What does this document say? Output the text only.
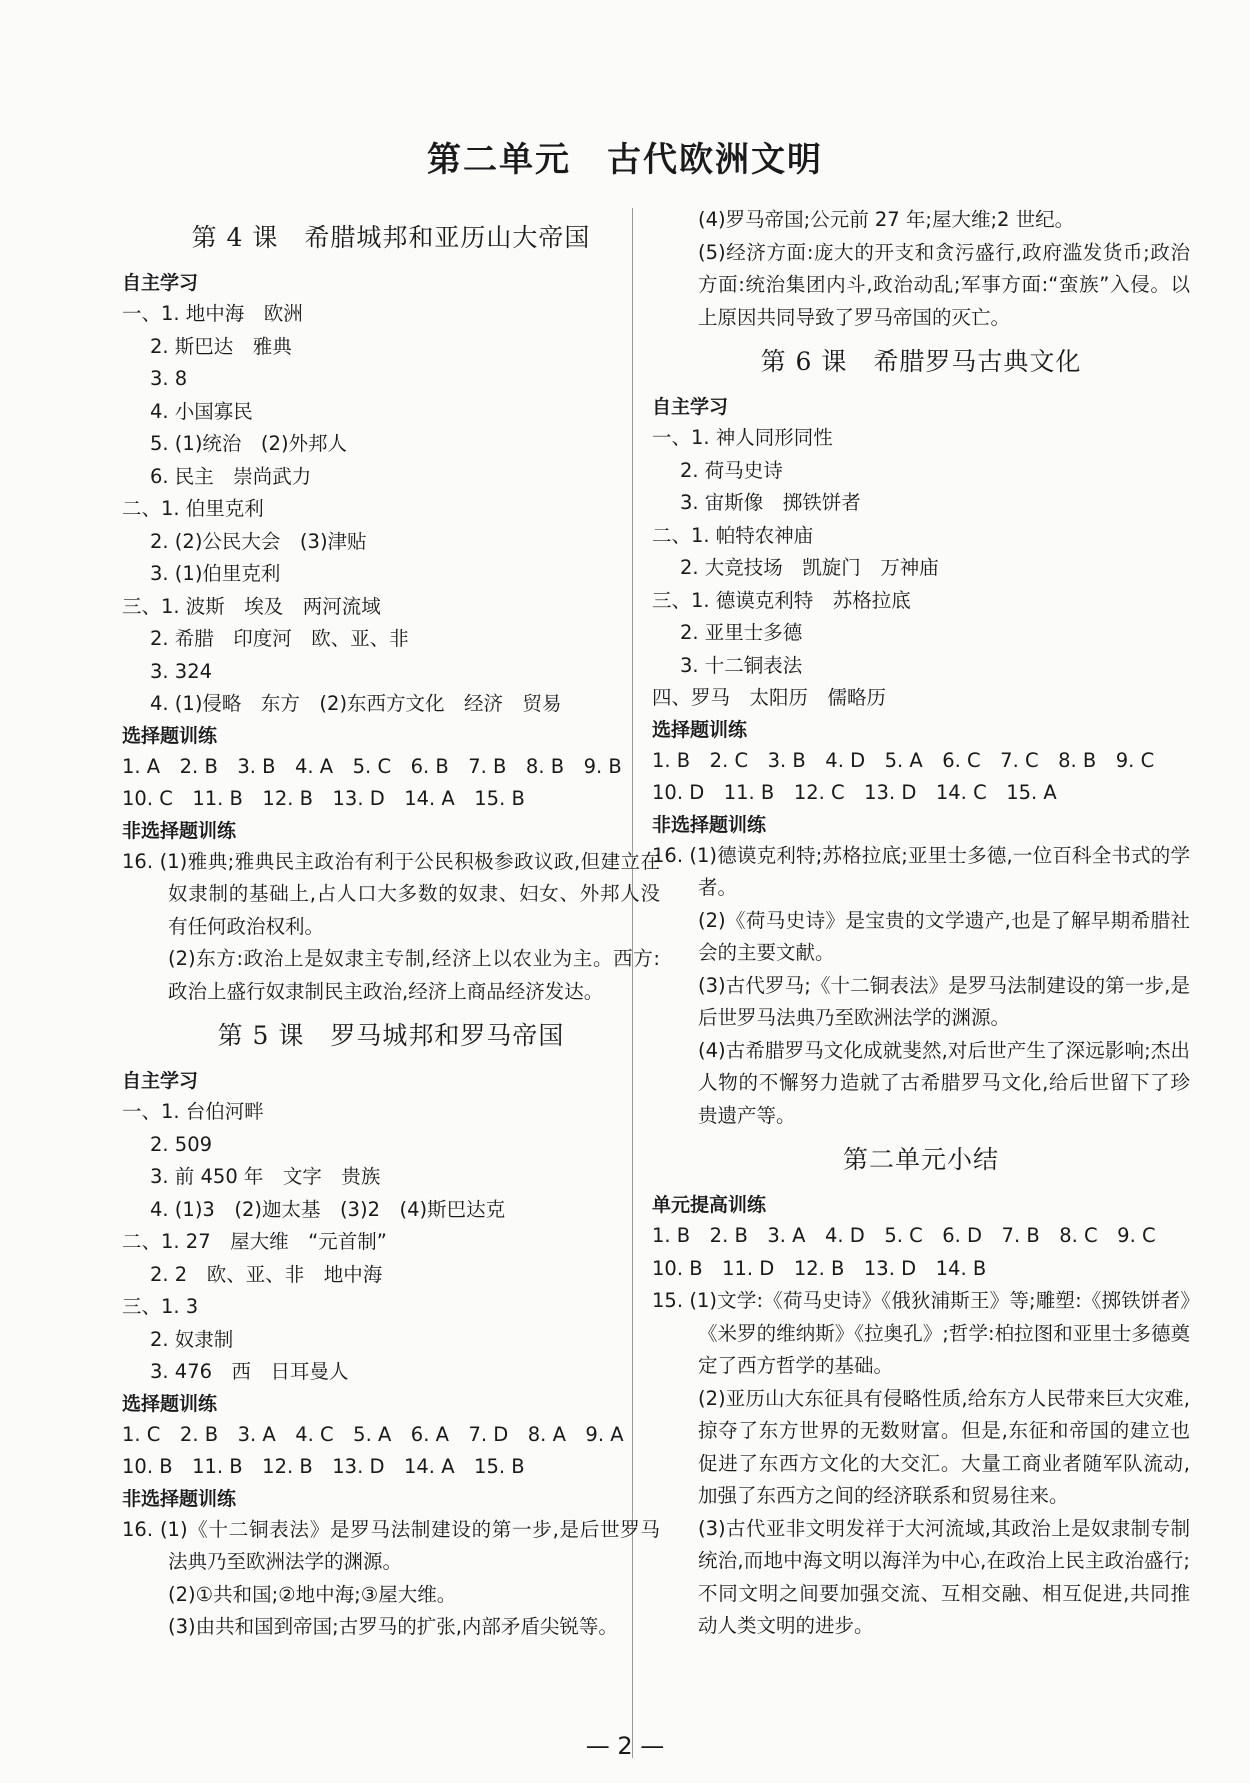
第二单元　古代欧洲文明
第 4 课　希腊城邦和亚历山大帝国
自主学习
一、1. 地中海　欧洲
2. 斯巴达　雅典
3. 8
4. 小国寡民
5. (1)统治　(2)外邦人
6. 民主　崇尚武力
二、1. 伯里克利
2. (2)公民大会　(3)津贴
3. (1)伯里克利
三、1. 波斯　埃及　两河流域
2. 希腊　印度河　欧、亚、非
3. 324
4. (1)侵略　东方　(2)东西方文化　经济　贸易
选择题训练
1. A　2. B　3. B　4. A　5. C　6. B　7. B　8. B　9. B
10. C　11. B　12. B　13. D　14. A　15. B
非选择题训练
16. (1)雅典;雅典民主政治有利于公民积极参政议政,但建立在奴隶制的基础上,占人口大多数的奴隶、妇女、外邦人没有任何政治权利。
(2)东方:政治上是奴隶主专制,经济上以农业为主。西方:政治上盛行奴隶制民主政治,经济上商品经济发达。
第 5 课　罗马城邦和罗马帝国
自主学习
一、1. 台伯河畔
2. 509
3. 前 450 年　文字　贵族
4. (1)3　(2)迦太基　(3)2　(4)斯巴达克
二、1. 27　屋大维　“元首制”
2. 2　欧、亚、非　地中海
三、1. 3
2. 奴隶制
3. 476　西　日耳曼人
选择题训练
1. C　2. B　3. A　4. C　5. A　6. A　7. D　8. A　9. A
10. B　11. B　12. B　13. D　14. A　15. B
非选择题训练
16. (1)《十二铜表法》是罗马法制建设的第一步,是后世罗马法典乃至欧洲法学的渊源。
(2)①共和国;②地中海;③屋大维。
(3)由共和国到帝国;古罗马的扩张,内部矛盾尖锐等。
(4)罗马帝国;公元前 27 年;屋大维;2 世纪。
(5)经济方面:庞大的开支和贪污盛行,政府滥发货币;政治方面:统治集团内斗,政治动乱;军事方面:“蛮族”入侵。以上原因共同导致了罗马帝国的灭亡。
第 6 课　希腊罗马古典文化
自主学习
一、1. 神人同形同性
2. 荷马史诗
3. 宙斯像　掷铁饼者
二、1. 帕特农神庙
2. 大竞技场　凯旋门　万神庙
三、1. 德谟克利特　苏格拉底
2. 亚里士多德
3. 十二铜表法
四、罗马　太阳历　儒略历
选择题训练
1. B　2. C　3. B　4. D　5. A　6. C　7. C　8. B　9. C
10. D　11. B　12. C　13. D　14. C　15. A
非选择题训练
16. (1)德谟克利特;苏格拉底;亚里士多德,一位百科全书式的学者。
(2)《荷马史诗》是宝贵的文学遗产,也是了解早期希腊社会的主要文献。
(3)古代罗马;《十二铜表法》是罗马法制建设的第一步,是后世罗马法典乃至欧洲法学的渊源。
(4)古希腊罗马文化成就斐然,对后世产生了深远影响;杰出人物的不懈努力造就了古希腊罗马文化,给后世留下了珍贵遗产等。
第二单元小结
单元提高训练
1. B　2. B　3. A　4. D　5. C　6. D　7. B　8. C　9. C
10. B　11. D　12. B　13. D　14. B
15. (1)文学:《荷马史诗》《俄狄浦斯王》等;雕塑:《掷铁饼者》《米罗的维纳斯》《拉奥孔》;哲学:柏拉图和亚里士多德奠定了西方哲学的基础。
(2)亚历山大东征具有侵略性质,给东方人民带来巨大灾难,掠夺了东方世界的无数财富。但是,东征和帝国的建立也促进了东西方文化的大交汇。大量工商业者随军队流动,加强了东西方之间的经济联系和贸易往来。
(3)古代亚非文明发祥于大河流域,其政治上是奴隶制专制统治,而地中海文明以海洋为中心,在政治上民主政治盛行;不同文明之间要加强交流、互相交融、相互促进,共同推动人类文明的进步。
— 2 —
